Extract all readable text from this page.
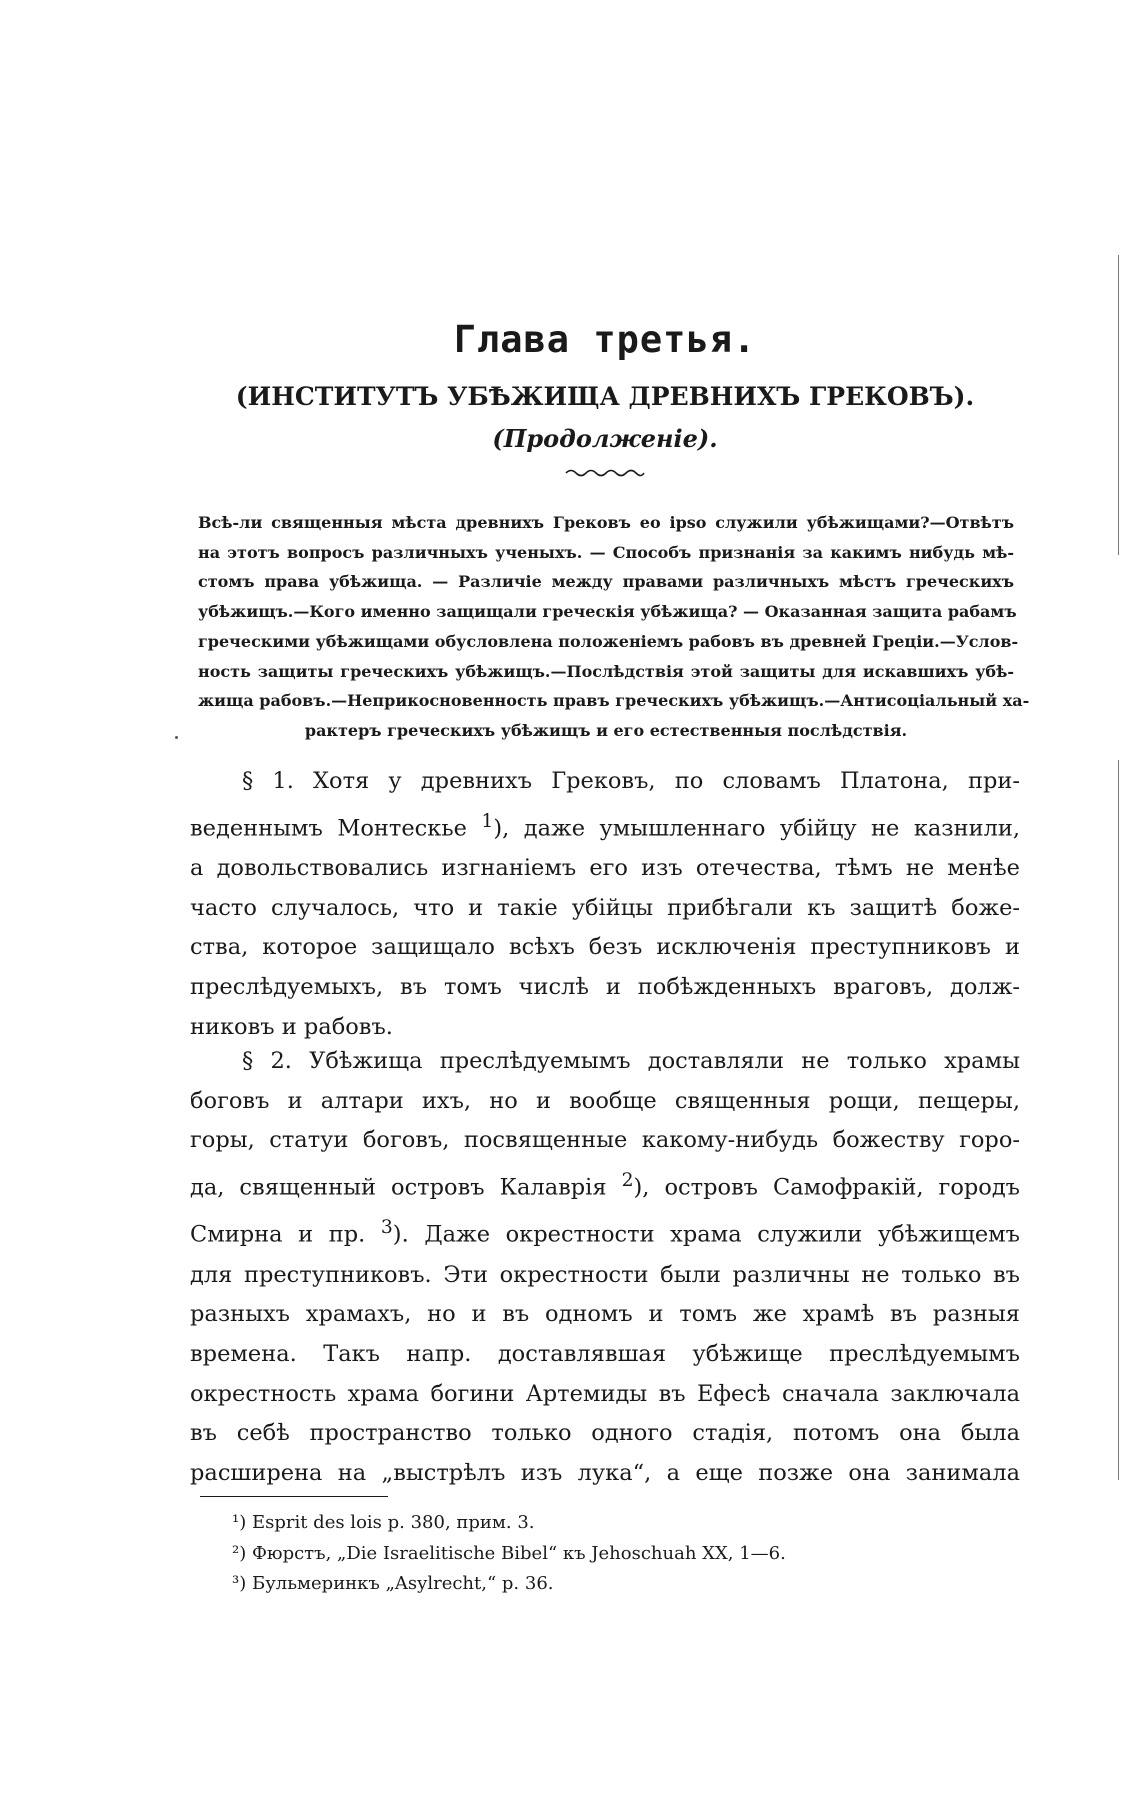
Глава третья.
(ИНСТИТУТЪ УБѢЖИЩА ДРЕВНИХЪ ГРЕКОВЪ).
(Продолженіе).
Всѣ-ли священныя мѣста древнихъ Грековъ eo ipso служили убѣжищами?—Отвѣтъ
на этотъ вопросъ различныхъ ученыхъ. — Способъ признанія за какимъ нибудь мѣ-
стомъ права убѣжища. — Различіе между правами различныхъ мѣстъ греческихъ
убѣжищъ.—Кого именно защищали греческія убѣжища? — Оказанная защита рабамъ
греческими убѣжищами обусловлена положеніемъ рабовъ въ древней Греціи.—Услов-
ность защиты греческихъ убѣжищъ.—Послѣдствія этой защиты для искавшихъ убѣ-
жища рабовъ.—Неприкосновенность правъ греческихъ убѣжищъ.—Антисоціальный ха-
рактеръ греческихъ убѣжищъ и его естественныя послѣдствія.
§ 1. Хотя у древнихъ Грековъ, по словамъ Платона, при-
веденнымъ Монтескье $^1$), даже умышленнаго убійцу не казнили,
а довольствовались изгнаніемъ его изъ отечества, тѣмъ не менѣе
часто случалось, что и такіе убійцы прибѣгали къ защитѣ боже-
ства, которое защищало всѣхъ безъ исключенія преступниковъ и
преслѣдуемыхъ, въ томъ числѣ и побѣжденныхъ враговъ, долж-
никовъ и рабовъ.
§ 2. Убѣжища преслѣдуемымъ доставляли не только храмы
боговъ и алтари ихъ, но и вообще священныя рощи, пещеры,
горы, статуи боговъ, посвященные какому-нибудь божеству горо-
да, священный островъ Калаврія $^2$), островъ Самофракій, городъ
Смирна и пр. $^3$). Даже окрестности храма служили убѣжищемъ
для преступниковъ. Эти окрестности были различны не только въ
разныхъ храмахъ, но и въ одномъ и томъ же храмѣ въ разныя
времена. Такъ напр. доставлявшая убѣжище преслѣдуемымъ
окрестность храма богини Артемиды въ Ефесѣ сначала заключала
въ себѣ пространство только одного стадія, потомъ она была
расширена на „выстрѣлъ изъ лука“, а еще позже она занимала
¹) Esprit des lois p. 380, прим. 3.
²) Фюрстъ, „Die Israelitische Bibel“ къ Jehoschuah XX, 1—6.
³) Бульмеринкъ „Asylrecht,“ p. 36.
